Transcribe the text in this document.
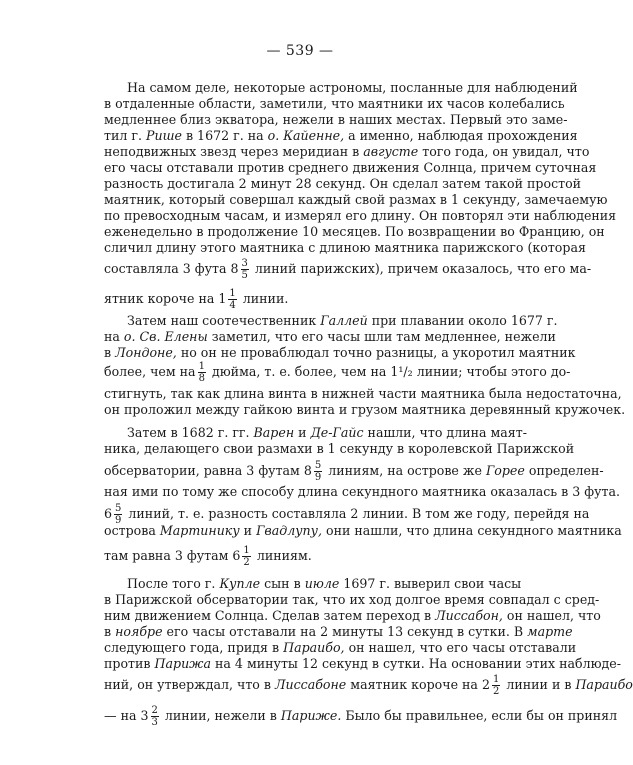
— 539 —
На самом деле, некоторые астрономы, посланные для наблюдений
в отдаленные области, заметили, что маятники их часов колебались
медленнее близ экватора, нежели в наших местах. Первый это заме-
тил г. Рише в 1672 г. на о. Кайенне, а именно, наблюдая прохождения
неподвижных звезд через меридиан в августе того года, он увидал, что
его часы отставали против среднего движения Солнца, причем суточная
разность достигала 2 минут 28 секунд. Он сделал затем такой простой
маятник, который совершал каждый свой размах в 1 секунду, замечаемую
по превосходным часам, и измерял его длину. Он повторял эти наблюдения
еженедельно в продолжение 10 месяцев. По возвращении во Францию, он
сличил длину этого маятника с длиною маятника парижского (которая
составляла 3 фута $8 \frac{3}{5}$ линий парижских), причем оказалось, что его ма-
ятник короче на $1 \frac{1}{4}$ линии.
Затем наш соотечественник Галлей при плавании около 1677 г.
на о. Св. Елены заметил, что его часы шли там медленнее, нежели
в Лондоне, но он не проваблюдал точно разницы, а укоротил маятник
более, чем на $\frac{1}{8}$ дюйма, т. е. более, чем на 1¹/₂ линии; чтобы этого до-
стигнуть, так как длина винта в нижней части маятника была недостаточна,
он проложил между гайкою винта и грузом маятника деревянный кружочек.
Затем в 1682 г. гг. Варен и Де-Гайс нашли, что длина маят-
ника, делающего свои размахи в 1 секунду в королевской Парижской
обсерватории, равна 3 футам $8 \frac{5}{9}$ линиям, на острове же Горее определен-
ная ими по тому же способу длина секундного маятника оказалась в 3 фута.
$6 \frac{5}{9}$ линий, т. е. разность составляла 2 линии. В том же году, перейдя на
острова Мартинику и Гвадлупу, они нашли, что длина секундного маятника
там равна 3 футам $6 \frac{1}{2}$ линиям.
После того г. Купле сын в июле 1697 г. выверил свои часы
в Парижской обсерватории так, что их ход долгое время совпадал с сред-
ним движением Солнца. Сделав затем переход в Лиссабон, он нашел, что
в ноябре его часы отставали на 2 минуты 13 секунд в сутки. В марте
следующего года, придя в Параибо, он нашел, что его часы отставали
против Парижа на 4 минуты 12 секунд в сутки. На основании этих наблюде-
ний, он утверждал, что в Лиссабоне маятник короче на $2 \frac{1}{2}$ линии и в Параибо
— на $3 \frac{2}{3}$ линии, нежели в Париже. Было бы правильнее, если бы он принял
